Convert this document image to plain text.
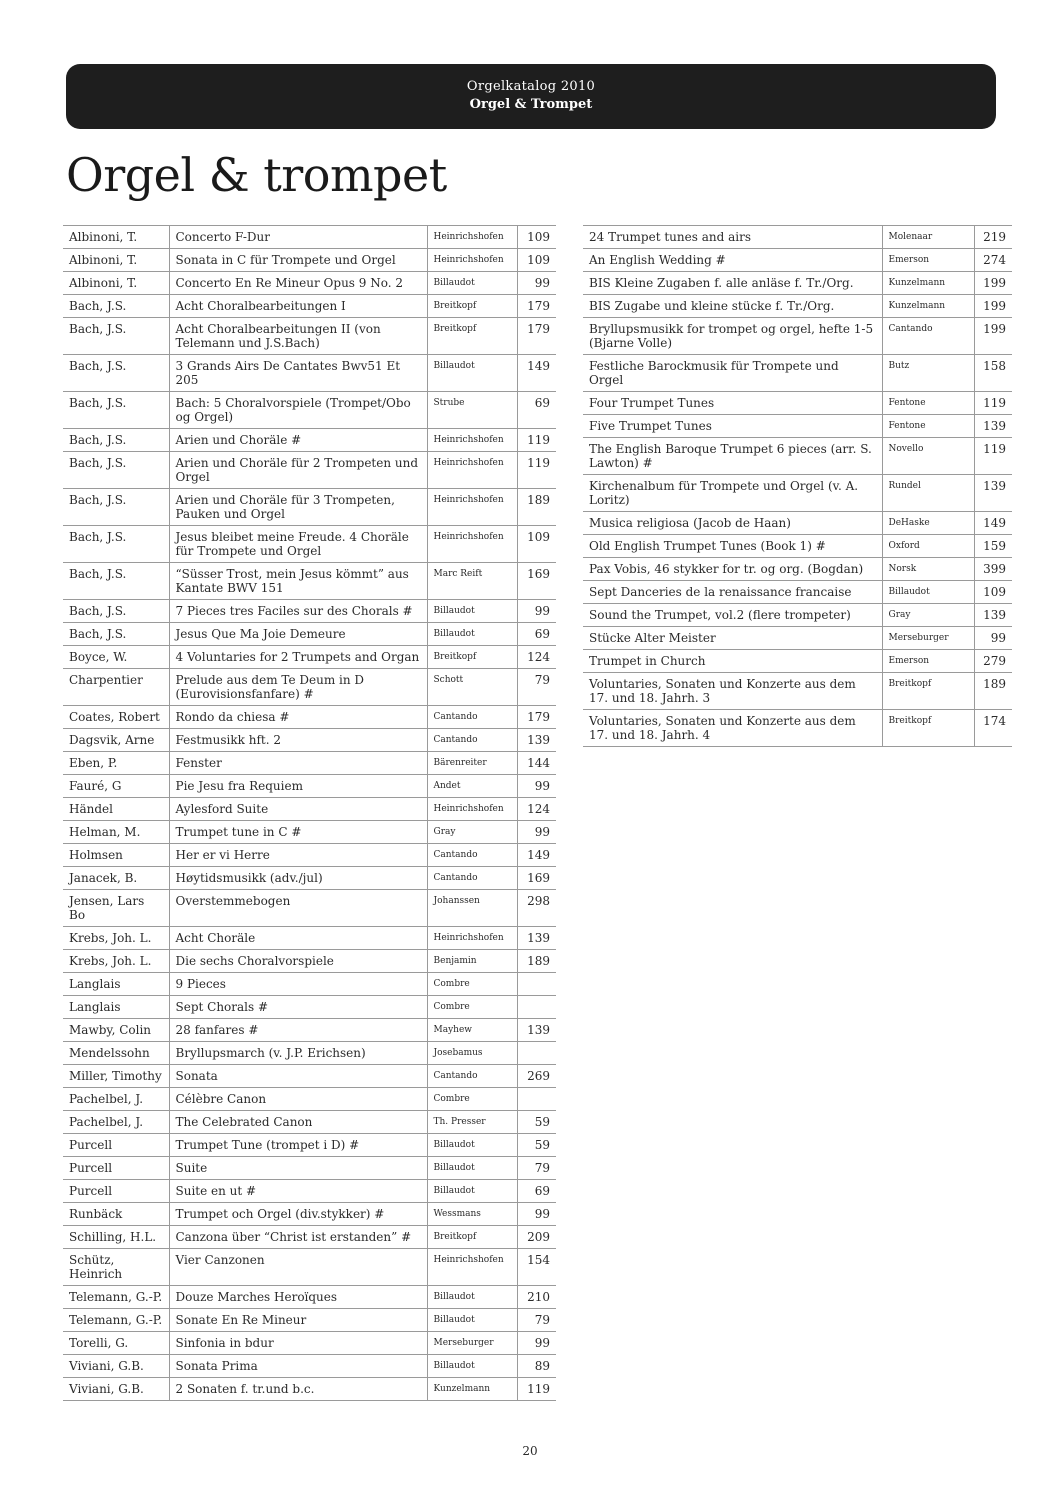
Orgelkatalog 2010
Orgel & Trompet
Orgel & trompet
Albinoni, T.	Concerto F-Dur	Heinrichshofen	109
Albinoni, T.	Sonata in C für Trompete und Orgel	Heinrichshofen	109
Albinoni, T.	Concerto En Re Mineur Opus 9 No. 2	Billaudot	99
Bach, J.S.	Acht Choralbearbeitungen I	Breitkopf	179
Bach, J.S.	Acht Choralbearbeitungen II (von Telemann und J.S.Bach)	Breitkopf	179
Bach, J.S.	3 Grands Airs De Cantates Bwv51 Et 205	Billaudot	149
Bach, J.S.	Bach: 5 Choralvorspiele (Trompet/Obo og Orgel)	Strube	69
Bach, J.S.	Arien und Choräle #	Heinrichshofen	119
Bach, J.S.	Arien und Choräle für 2 Trompeten und Orgel	Heinrichshofen	119
Bach, J.S.	Arien und Choräle für 3 Trompeten, Pauken und Orgel	Heinrichshofen	189
Bach, J.S.	Jesus bleibet meine Freude. 4 Choräle für Trompete und Orgel	Heinrichshofen	109
Bach, J.S.	“Süsser Trost, mein Jesus kömmt” aus Kantate BWV 151	Marc Reift	169
Bach, J.S.	7 Pieces tres Faciles sur des Chorals #	Billaudot	99
Bach, J.S.	Jesus Que Ma Joie Demeure	Billaudot	69
Boyce, W.	4 Voluntaries for 2 Trumpets and Organ	Breitkopf	124
Charpentier	Prelude aus dem Te Deum in D (Eurovisionsfanfare) #	Schott	79
Coates, Robert	Rondo da chiesa #	Cantando	179
Dagsvik, Arne	Festmusikk hft. 2	Cantando	139
Eben, P.	Fenster	Bärenreiter	144
Fauré, G	Pie Jesu fra Requiem	Andet	99
Händel	Aylesford Suite	Heinrichshofen	124
Helman, M.	Trumpet tune in C #	Gray	99
Holmsen	Her er vi Herre	Cantando	149
Janacek, B.	Høytidsmusikk (adv./jul)	Cantando	169
Jensen, Lars Bo	Overstemmebogen	Johanssen	298
Krebs, Joh. L.	Acht Choräle	Heinrichshofen	139
Krebs, Joh. L.	Die sechs Choralvorspiele	Benjamin	189
Langlais	9 Pieces	Combre	
Langlais	Sept Chorals #	Combre	
Mawby, Colin	28 fanfares #	Mayhew	139
Mendelssohn	Bryllupsmarch (v. J.P. Erichsen)	Josebamus	
Miller, Timothy	Sonata	Cantando	269
Pachelbel, J.	Célèbre Canon	Combre	
Pachelbel, J.	The Celebrated Canon	Th. Presser	59
Purcell	Trumpet Tune (trompet i D) #	Billaudot	59
Purcell	Suite	Billaudot	79
Purcell	Suite en ut #	Billaudot	69
Runbäck	Trumpet och Orgel (div.stykker) #	Wessmans	99
Schilling, H.L.	Canzona über “Christ ist erstanden” #	Breitkopf	209
Schütz, Heinrich	Vier Canzonen	Heinrichshofen	154
Telemann, G.-P.	Douze Marches Heroïques	Billaudot	210
Telemann, G.-P.	Sonate En Re Mineur	Billaudot	79
Torelli, G.	Sinfonia in bdur	Merseburger	99
Viviani, G.B.	Sonata Prima	Billaudot	89
Viviani, G.B.	2 Sonaten f. tr.und b.c.	Kunzelmann	119
24 Trumpet tunes and airs	Molenaar	219
An English Wedding #	Emerson	274
BIS Kleine Zugaben f. alle anläse f. Tr./Org.	Kunzelmann	199
BIS Zugabe und kleine stücke f. Tr./Org.	Kunzelmann	199
Bryllupsmusikk for trompet og orgel, hefte 1-5 (Bjarne Volle)	Cantando	199
Festliche Barockmusik für Trompete und Orgel	Butz	158
Four Trumpet Tunes	Fentone	119
Five Trumpet Tunes	Fentone	139
The English Baroque Trumpet 6 pieces (arr. S. Lawton) #	Novello	119
Kirchenalbum für Trompete und Orgel (v. A. Loritz)	Rundel	139
Musica religiosa (Jacob de Haan)	DeHaske	149
Old English Trumpet Tunes (Book 1) #	Oxford	159
Pax Vobis, 46 stykker for tr. og org. (Bogdan)	Norsk	399
Sept Danceries de la renaissance francaise	Billaudot	109
Sound the Trumpet, vol.2 (flere trompeter)	Gray	139
Stücke Alter Meister	Merseburger	99
Trumpet in Church	Emerson	279
Voluntaries, Sonaten und Konzerte aus dem 17. und 18. Jahrh. 3	Breitkopf	189
Voluntaries, Sonaten und Konzerte aus dem 17. und 18. Jahrh. 4	Breitkopf	174
20
